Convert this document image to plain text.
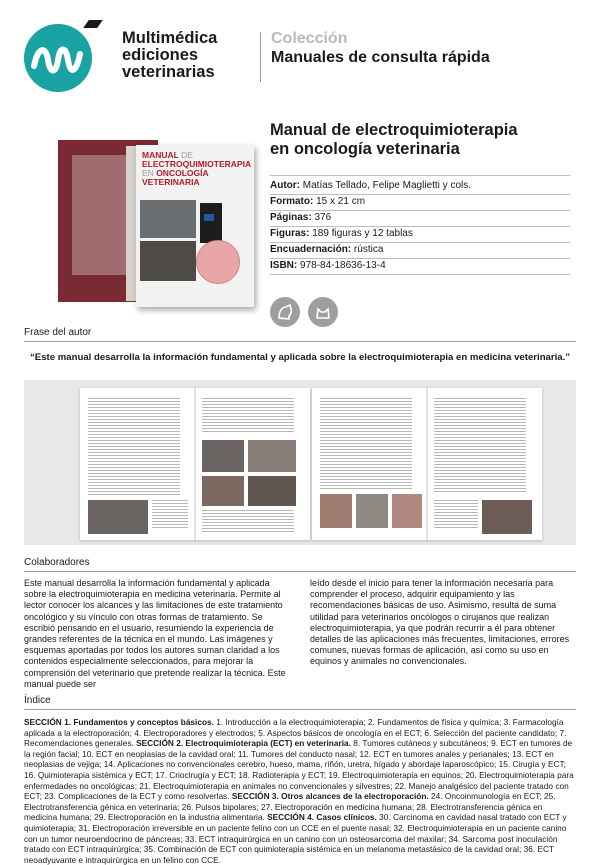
Multimédica
ediciones
veterinarias
Colección
Manuales de consulta rápida
MANUAL DE
ELECTROQUIMIOTERAPIA
EN ONCOLOGÍA
VETERINARIA
Manual de electroquimioterapia
en oncología veterinaria
Autor: Matías Tellado, Felipe Maglietti y cols.
Formato: 15 x 21 cm
Páginas: 376
Figuras: 189 figuras y 12 tablas
Encuadernación: rústica
ISBN: 978-84-18636-13-4
Frase del autor
“Este manual desarrolla la información fundamental y aplicada sobre la electroquimioterapia en medicina veterinaria.”
Colaboradores
Este manual desarrolla la información fundamental y aplicada sobre la electroquimioterapia en medicina veterinaria. Permite al lector conocer los alcances y las limitaciones de este tratamiento oncológico y su vínculo con otras formas de tratamiento. Se escribió pensando en el usuario, resumiendo la experiencia de grandes referentes de la técnica en el mundo. Las imágenes y esquemas aportadas por todos los autores suman claridad a los contenidos especialmente seleccionados, para mejorar la comprensión del veterinario que pretende realizar la técnica. Este manual puede ser
leído desde el inicio para tener la información necesaria para comprender el proceso, adquirir equipamiento y las recomendaciones básicas de uso. Asimismo, resulta de suma utilidad para veterinarios oncólogos o cirujanos que realizan electroquimioterapia, ya que podrán recurrir a él para obtener detalles de las aplicaciones más frecuentes, limitaciones, errores comunes, nuevas formas de aplicación, así como su uso en equinos y animales no convencionales.
Índice
SECCIÓN 1. Fundamentos y conceptos básicos. 1. Introducción a la electroquimioterapia; 2. Fundamentos de física y química; 3. Farmacología aplicada a la electroporación; 4. Electroporadores y electrodos; 5. Aspectos básicos de oncología en el ECT; 6. Selección del paciente candidato; 7. Recomendaciones generales. SECCIÓN 2. Electroquimioterapia (ECT) en veterinaria. 8. Tumores cutáneos y subcutáneos; 9. ECT en tumores de la región facial; 10. ECT en neoplasias de la cavidad oral; 11. Tumores del conducto nasal; 12. ECT en tumores anales y perianales; 13. ECT en neoplasias de vejiga; 14. Aplicaciones no convencionales cerebro, hueso, mama, riñón, uretra, hígado y abordaje laparoscópico; 15. Cirugía y ECT; 16. Quimioterapia sistémica y ECT; 17. Crioclrugía y ECT; 18. Radioterapia y ECT; 19. Electroquimioterapia en equinos; 20. Electroquimioterapia para enfermedades no oncológicas; 21. Electroquimioterapia en animales no convencionales y silvestres; 22. Manejo analgésico del paciente tratado con ECT; 23. Complicaciones de la ECT y como resolverlas. SECCIÓN 3. Otros alcances de la electroporación. 24. Oncoinmunología en ECT; 25. Electrotransferencia génica en veterinaria; 26. Pulsos bipolares; 27. Electroporación en medicina humana; 28. Electrotransferencia génica en medicina humana; 29. Electroporación en la industria alimentaria. SECCIÓN 4. Casos clínicos. 30. Carcinoma en cavidad nasal tratado con ECT y quimioterapia; 31. Electroporación irreversible en un paciente felino con un CCE en el puente nasal; 32. Electroquimioterapia en un paciente canino con un tumor neuroendocrino de páncreas; 33. ECT intraquirúrgica en un canino con un osteosarcoma del maxilar; 34. Sarcoma post inoculación tratado con ECT intraquirúrgica; 35. Combinación de ECT con quimioterapia sistémica en un melanoma metastásico de la cavidad oral; 36. ECT neoadyuvante e intraquirúrgica en un felino con CCE.
